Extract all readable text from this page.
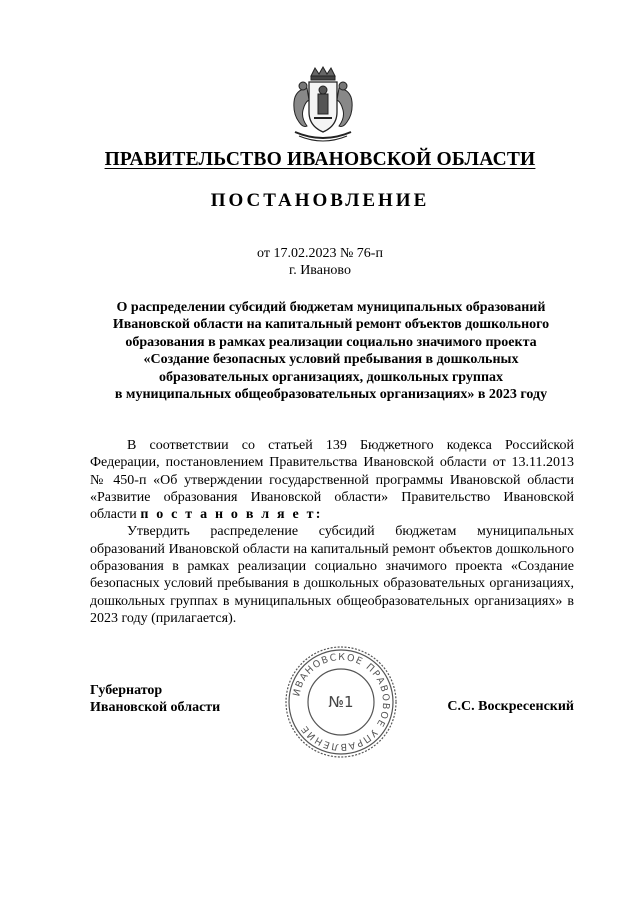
ПРАВИТЕЛЬСТВО ИВАНОВСКОЙ ОБЛАСТИ
ПОСТАНОВЛЕНИЕ
от 17.02.2023 № 76-п
г. Иваново
О распределении субсидий бюджетам муниципальных образований
Ивановской области на капитальный ремонт объектов дошкольного
образования в рамках реализации социально значимого проекта
«Создание безопасных условий пребывания в дошкольных
образовательных организациях, дошкольных группах
в муниципальных общеобразовательных организациях» в 2023 году

В соответствии со статьей 139 Бюджетного кодекса Российской Федерации, постановлением Правительства Ивановской области от 13.11.2013 № 450-п «Об утверждении государственной программы Ивановской области «Развитие образования Ивановской области» Правительство Ивановской области п о с т а н о в л я е т:

Утвердить распределение субсидий бюджетам муниципальных образований Ивановской области на капитальный ремонт объектов дошкольного образования в рамках реализации социально значимого проекта «Создание безопасных условий пребывания в дошкольных образовательных организациях, дошкольных группах в муниципальных общеобразовательных организациях» в 2023 году (прилагается).

Губернатор
Ивановской области
ИВАНОВСКОЕ ПРАВОВОЕ УПРАВЛЕНИЕ
№1	С.С. Воскресенский
